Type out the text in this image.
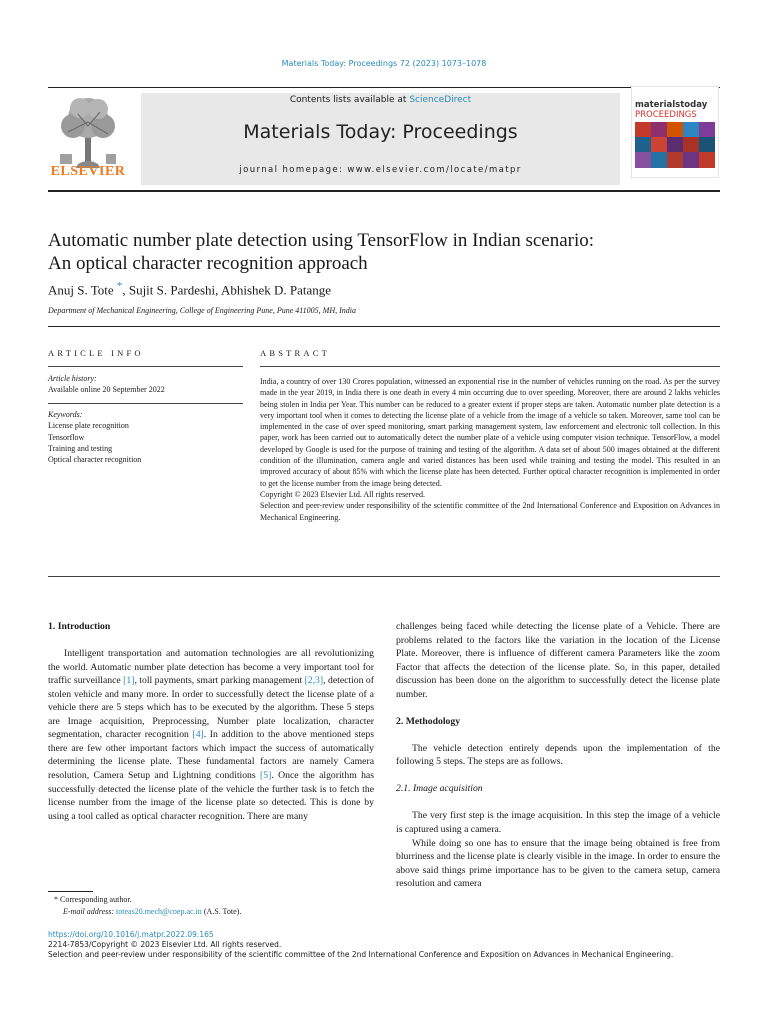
Materials Today: Proceedings 72 (2023) 1073–1078
ELSEVIER
Contents lists available at ScienceDirect
Materials Today: Proceedings
journal homepage: www.elsevier.com/locate/matpr
materialstoday
PROCEEDINGS
Automatic number plate detection using TensorFlow in Indian scenario:
An optical character recognition approach
Anuj S. Tote *, Sujit S. Pardeshi, Abhishek D. Patange
Department of Mechanical Engineering, College of Engineering Pune, Pune 411005, MH, India
ARTICLE INFO	ABSTRACT
Article history:
Available online 20 September 2022
Keywords:
License plate recognition
Tensorflow
Training and testing
Optical character recognition
India, a country of over 130 Crores population, witnessed an exponential rise in the number of vehicles running on the road. As per the survey made in the year 2019, in India there is one death in every 4 min occurring due to over speeding. Moreover, there are around 2 lakhs vehicles being stolen in India per Year. This number can be reduced to a greater extent if proper steps are taken. Automatic number plate detection is a very important tool when it comes to detecting the license plate of a vehicle from the image of a vehicle so taken. Moreover, same tool can be implemented in the case of over speed monitoring, smart parking management system, law enforcement and electronic toll collection. In this paper, work has been carried out to automatically detect the number plate of a vehicle using computer vision technique. TensorFlow, a model developed by Google is used for the purpose of training and testing of the algorithm. A data set of about 500 images obtained at the different condition of the illumination, camera angle and varied distances has been used while training and testing the model. This resulted in an improved accuracy of about 85% with which the license plate has been detected. Further optical character recognition is implemented in order to get the license number from the image being detected.
Copyright © 2023 Elsevier Ltd. All rights reserved.
Selection and peer-review under responsibility of the scientific committee of the 2nd International Conference and Exposition on Advances in Mechanical Engineering.
1. Introduction

Intelligent transportation and automation technologies are all revolutionizing the world. Automatic number plate detection has become a very important tool for traffic surveillance [1], toll payments, smart parking management [2,3], detection of stolen vehicle and many more. In order to successfully detect the license plate of a vehicle there are 5 steps which has to be executed by the algorithm. These 5 steps are Image acquisition, Preprocessing, Number plate localization, character segmentation, character recognition [4]. In addition to the above mentioned steps there are few other important factors which impact the success of automatically determining the license plate. These fundamental factors are namely Camera resolution, Camera Setup and Lightning conditions [5]. Once the algorithm has successfully detected the license plate of the vehicle the further task is to fetch the license number from the image of the license plate so detected. This is done by using a tool called as optical character recognition. There are many

challenges being faced while detecting the license plate of a Vehicle. There are problems related to the factors like the variation in the location of the License Plate. Moreover, there is influence of different camera Parameters like the zoom Factor that affects the detection of the license plate. So, in this paper, detailed discussion has been done on the algorithm to successfully detect the license plate number.

2. Methodology

The vehicle detection entirely depends upon the implementation of the following 5 steps. The steps are as follows.

2.1. Image acquisition

The very first step is the image acquisition. In this step the image of a vehicle is captured using a camera.

While doing so one has to ensure that the image being obtained is free from blurriness and the license plate is clearly visible in the image. In order to ensure the above said things prime importance has to be given to the camera setup, camera resolution and camera

* Corresponding author.
E-mail address: toteas20.mech@coep.ac.in (A.S. Tote).
https://doi.org/10.1016/j.matpr.2022.09.165
2214-7853/Copyright © 2023 Elsevier Ltd. All rights reserved.
Selection and peer-review under responsibility of the scientific committee of the 2nd International Conference and Exposition on Advances in Mechanical Engineering.
